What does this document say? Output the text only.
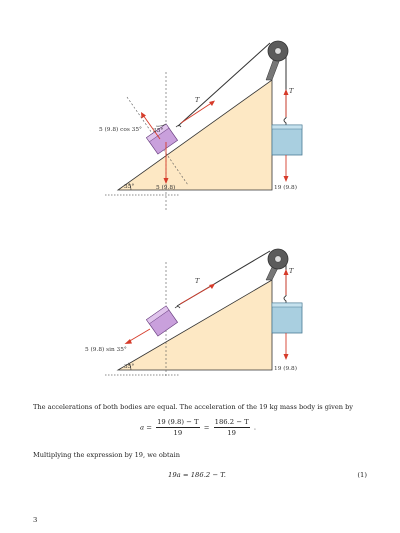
T
T
5 (9.8) cos 35° 35°
35°	5 (9.8)	19 (9.8)
T
T
5 (9.8) sin 35°
35°	19 (9.8)
The accelerations of both bodies are equal. The acceleration of the 19 kg mass body is given by
$a = \frac{19 (9.8) - T}{19} = \frac{186.2 - T}{19}$ .
Multiplying the expression by 19, we obtain
19a = 186.2 − T.	(1)
3
